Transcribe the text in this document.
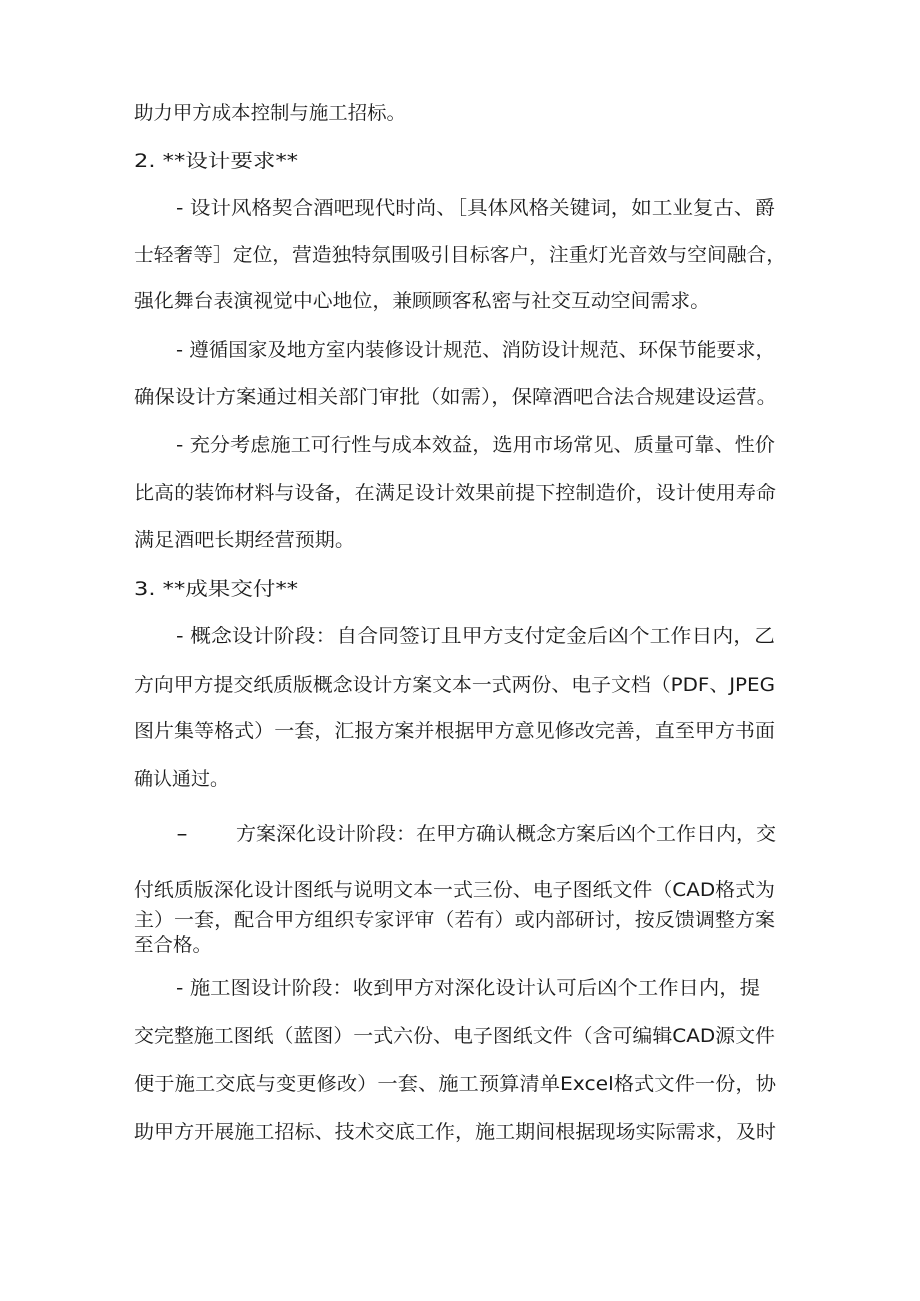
助力甲方成本控制与施工招标。
2. **设计要求**
- 设计风格契合酒吧现代时尚、［具体风格关键词，如工业复古、爵
士轻奢等］定位，营造独特氛围吸引目标客户，注重灯光音效与空间融合，
强化舞台表演视觉中心地位，兼顾顾客私密与社交互动空间需求。
- 遵循国家及地方室内装修设计规范、消防设计规范、环保节能要求，
确保设计方案通过相关部门审批（如需），保障酒吧合法合规建设运营。
- 充分考虑施工可行性与成本效益，选用市场常见、质量可靠、性价
比高的装饰材料与设备，在满足设计效果前提下控制造价，设计使用寿命
满足酒吧长期经营预期。
3. **成果交付**
- 概念设计阶段：自合同签订且甲方支付定金后凶个工作日内，乙
方向甲方提交纸质版概念设计方案文本一式两份、电子文档（PDF、JPEG
图片集等格式）一套，汇报方案并根据甲方意见修改完善，直至甲方书面
确认通过。
-	方案深化设计阶段：在甲方确认概念方案后凶个工作日内，交
付纸质版深化设计图纸与说明文本一式三份、电子图纸文件（CAD格式为
主）一套，配合甲方组织专家评审（若有）或内部研讨，按反馈调整方案
至合格。
- 施工图设计阶段：收到甲方对深化设计认可后凶个工作日内，提
交完整施工图纸（蓝图）一式六份、电子图纸文件（含可编辑CAD源文件
便于施工交底与变更修改）一套、施工预算清单Excel格式文件一份，协
助甲方开展施工招标、技术交底工作，施工期间根据现场实际需求，及时
